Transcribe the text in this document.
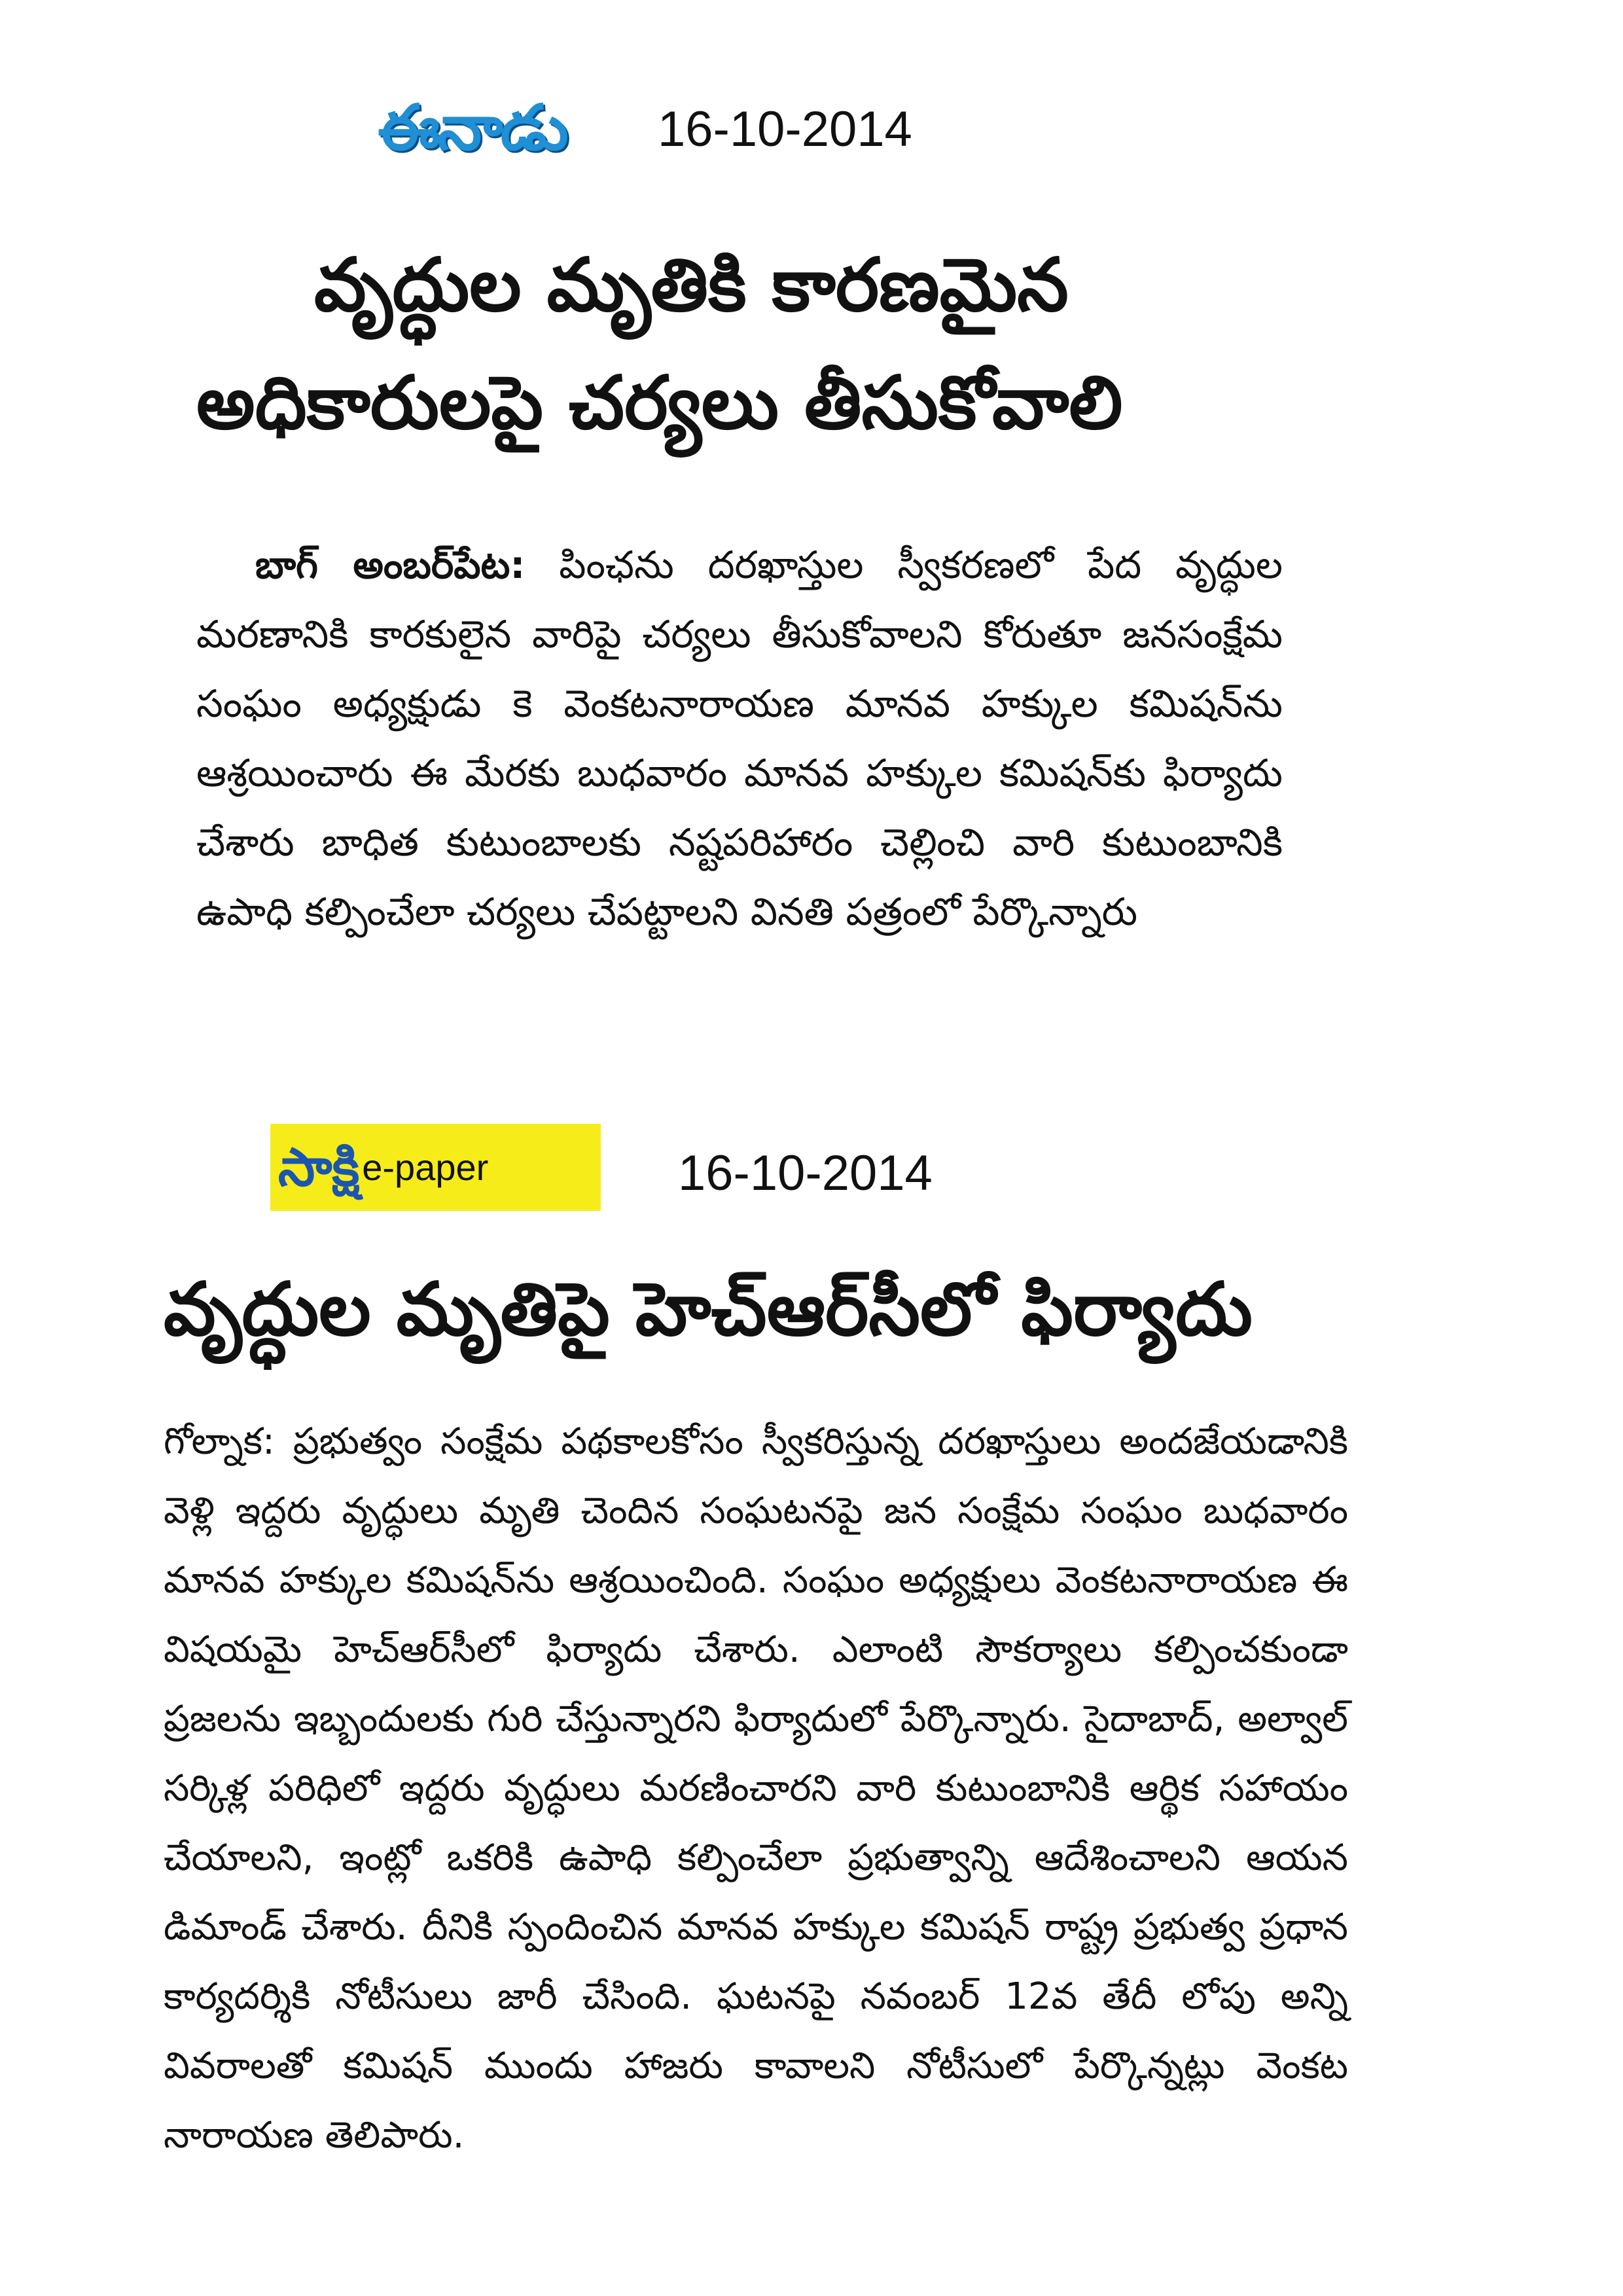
ఈనాడు 16-10-2014
వృద్ధుల మృతికి కారణమైన
అధికారులపై చర్యలు తీసుకోవాలి
బాగ్ అంబర్‌పేట: పింఛను దరఖాస్తుల స్వీకరణలో పేద వృద్ధుల మరణానికి కారకులైన వారిపై చర్యలు తీసుకోవాలని కోరుతూ జనసంక్షేమ సంఘం అధ్యక్షుడు కె వెంకటనారాయణ మానవ హక్కుల కమిషన్‌ను ఆశ్రయించారు ఈ మేరకు బుధవారం మానవ హక్కుల కమిషన్‌కు ఫిర్యాదు చేశారు బాధిత కుటుంబాలకు నష్టపరిహారం చెల్లించి వారి కుటుంబానికి ఉపాధి కల్పించేలా చర్యలు చేపట్టాలని వినతి పత్రంలో పేర్కొన్నారు
సాక్షి e-paper	16-10-2014
వృద్ధుల మృతిపై హెచ్‌ఆర్‌సీలో ఫిర్యాదు
గోల్నాక: ప్రభుత్వం సంక్షేమ పథకాలకోసం స్వీకరిస్తున్న దరఖాస్తులు అందజేయడానికి వెళ్లి ఇద్దరు వృద్ధులు మృతి చెందిన సంఘటనపై జన సంక్షేమ సంఘం బుధవారం మానవ హక్కుల కమిషన్‌ను ఆశ్రయించింది. సంఘం అధ్యక్షులు వెంకటనారాయణ ఈ విషయమై హెచ్‌ఆర్‌సీలో ఫిర్యాదు చేశారు. ఎలాంటి సౌకర్యాలు కల్పించకుండా ప్రజలను ఇబ్బందులకు గురి చేస్తున్నారని ఫిర్యాదులో పేర్కొన్నారు. సైదాబాద్, అల్వాల్ సర్కిళ్ల పరిధిలో ఇద్దరు వృద్ధులు మరణించారని వారి కుటుంబానికి ఆర్థిక సహాయం చేయాలని, ఇంట్లో ఒకరికి ఉపాధి కల్పించేలా ప్రభుత్వాన్ని ఆదేశించాలని ఆయన డిమాండ్ చేశారు. దీనికి స్పందించిన మానవ హక్కుల కమిషన్ రాష్ట్ర ప్రభుత్వ ప్రధాన కార్యదర్శికి నోటీసులు జారీ చేసింది. ఘటనపై నవంబర్ 12వ తేదీ లోపు అన్ని వివరాలతో కమిషన్ ముందు హాజరు కావాలని నోటీసులో పేర్కొన్నట్లు వెంకట నారాయణ తెలిపారు.
